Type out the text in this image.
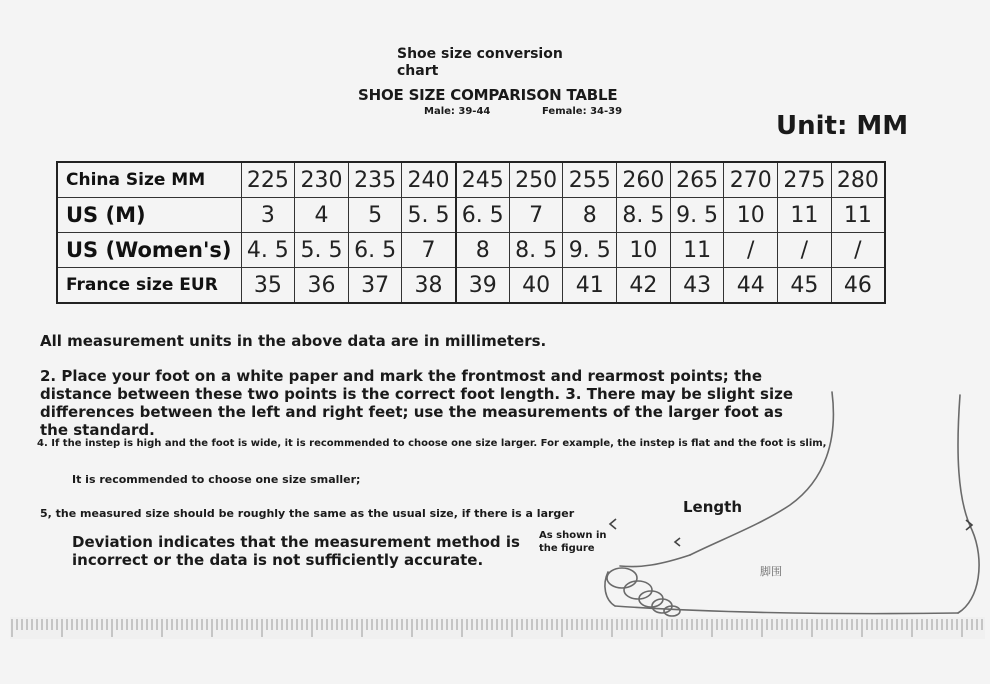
Shoe size conversion chart
SHOE SIZE COMPARISON TABLE
Male: 39-44	Female: 34-39	Unit: MM
China Size MM	225	230	235	240	245	250	255	260	265	270	275	280
US (M)	3	4	5	5. 5	6. 5	7	8	8. 5	9. 5	10	11	11
US (Women's)	4. 5	5. 5	6. 5	7	8	8. 5	9. 5	10	11	/	/	/
France size EUR	35	36	37	38	39	40	41	42	43	44	45	46
All measurement units in the above data are in millimeters.
2. Place your foot on a white paper and mark the frontmost and rearmost points; the distance between these two points is the correct foot length. 3. There may be slight size differences between the left and right feet; use the measurements of the larger foot as the standard.
4. If the instep is high and the foot is wide, it is recommended to choose one size larger. For example, the instep is flat and the foot is slim,
It is recommended to choose one size smaller;
5, the measured size should be roughly the same as the usual size, if there is a larger
Deviation indicates that the measurement method is incorrect or the data is not sufficiently accurate.
Length
As shown in the figure
脚围
